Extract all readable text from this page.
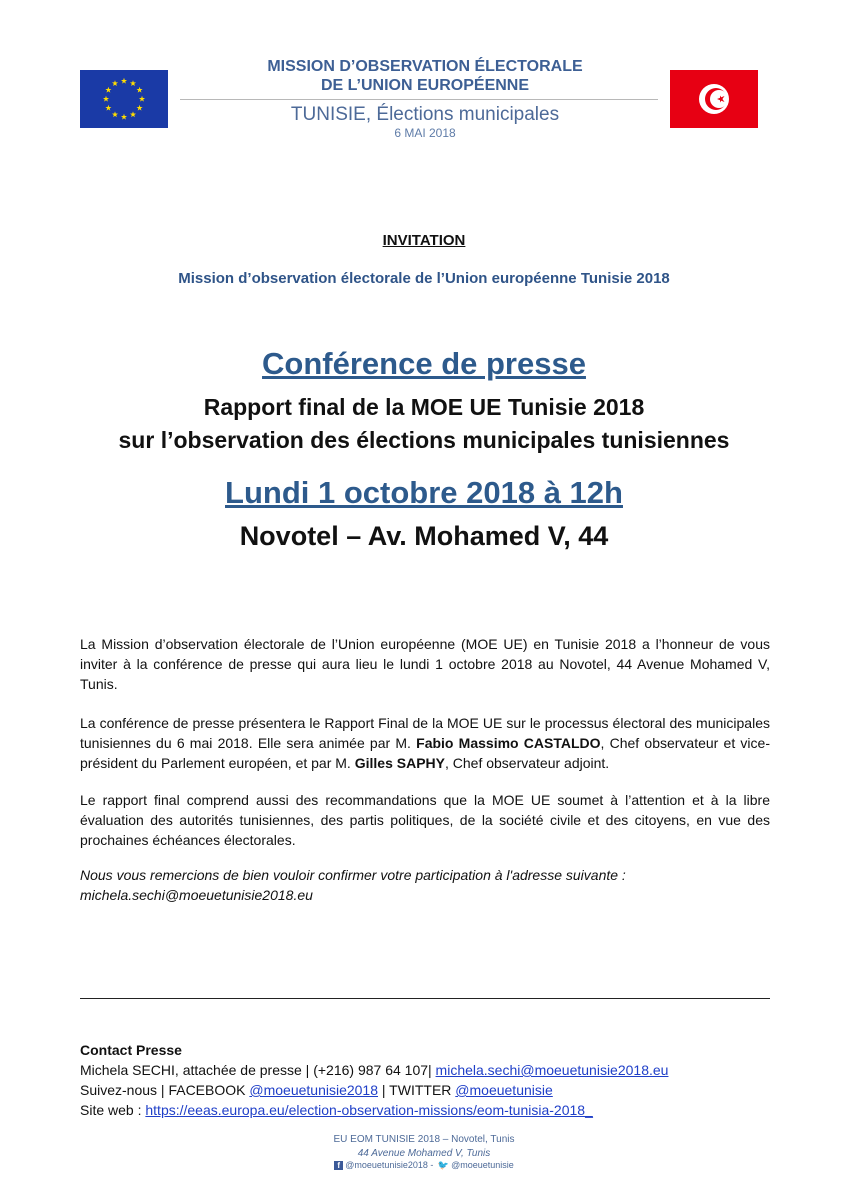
MISSION D’OBSERVATION ÉLECTORALE
DE L’UNION EUROPÉENNE
TUNISIE, Élections municipales
6 MAI 2018
INVITATION
Mission d’observation électorale de l’Union européenne Tunisie 2018
Conférence de presse
Rapport final de la MOE UE Tunisie 2018
sur l’observation des élections municipales tunisiennes
Lundi 1 octobre 2018 à 12h
Novotel – Av. Mohamed V, 44

La Mission d’observation électorale de l’Union européenne (MOE UE) en Tunisie 2018 a l’honneur de vous inviter à la conférence de presse qui aura lieu le lundi 1 octobre 2018 au Novotel, 44 Avenue Mohamed V, Tunis.

La conférence de presse présentera le Rapport Final de la MOE UE sur le processus électoral des municipales tunisiennes du 6 mai 2018. Elle sera animée par M. Fabio Massimo CASTALDO, Chef observateur et vice-président du Parlement européen, et par M. Gilles SAPHY, Chef observateur adjoint.

Le rapport final comprend aussi des recommandations que la MOE UE soumet à l’attention et à la libre évaluation des autorités tunisiennes, des partis politiques, de la société civile et des citoyens, en vue des prochaines échéances électorales.

Nous vous remercions de bien vouloir confirmer votre participation à l'adresse suivante :
michela.sechi@moeuetunisie2018.eu

Contact Presse
Michela SECHI, attachée de presse | (+216) 987 64 107| michela.sechi@moeuetunisie2018.eu
Suivez-nous | FACEBOOK @moeuetunisie2018 | TWITTER @moeuetunisie
Site web : https://eeas.europa.eu/election-observation-missions/eom-tunisia-2018_
EU EOM TUNISIE 2018 – Novotel, Tunis
44 Avenue Mohamed V, Tunis
f @moeuetunisie2018 - 🐦 @moeuetunisie
